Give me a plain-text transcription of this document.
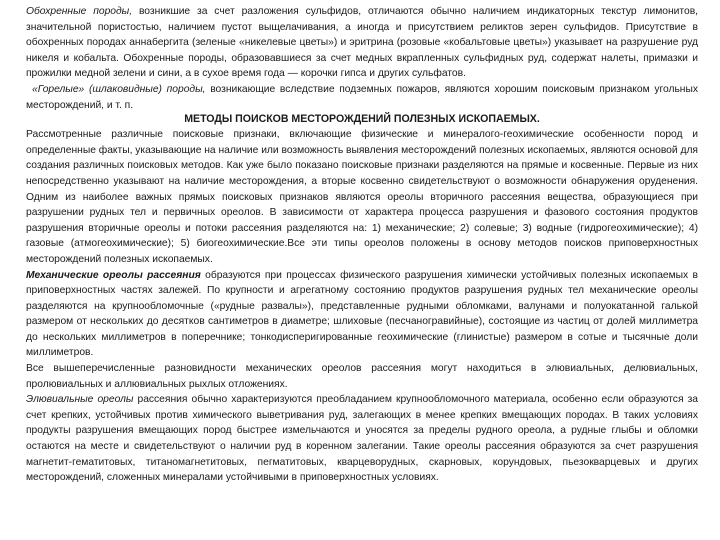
Обохренные породы, возникшие за счет разложения сульфидов, отличаются обычно наличием индикаторных текстур лимонитов, значительной пористостью, наличием пустот выщелачивания, а иногда и присутствием реликтов зерен сульфидов. Присутствие в обохренных породах аннабергита (зеленые «никелевые цветы») и эритрина (розовые «кобальтовые цветы») указывает на разрушение руд никеля и кобальта. Обохренные породы, образовавшиеся за счет медных вкрапленных сульфидных руд, содержат налеты, примазки и прожилки медной зелени и сини, а в сухое время года — корочки гипса и других сульфатов.

«Горелые» (шлаковидные) породы, возникающие вследствие подземных пожаров, являются хорошим поисковым признаком угольных месторождений, и т. п.

МЕТОДЫ ПОИСКОВ МЕСТОРОЖДЕНИЙ ПОЛЕЗНЫХ ИСКОПАЕМЫХ.

Рассмотренные различные поисковые признаки, включающие физические и минералого-геохимические особенности пород и определенные факты, указывающие на наличие или возможность выявления месторождений полезных ископаемых, являются основой для создания различных поисковых методов. Как уже было показано поисковые признаки разделяются на прямые и косвенные. Первые из них непосредственно указывают на наличие месторождения, а вторые косвенно свидетельствуют о возможности обнаружения оруденения. Одним из наиболее важных прямых поисковых признаков являются ореолы вторичного рассеяния вещества, образующиеся при разрушении рудных тел и первичных ореолов. В зависимости от характера процесса разрушения и фазового состояния продуктов разрушения вторичные ореолы и потоки рассеяния разделяются на: 1) механические; 2) солевые; 3) водные (гидрогеохимические); 4) газовые (атмогеохимические); 5) биогеохимические.Все эти типы ореолов положены в основу методов поисков приповерхностных месторождений полезных ископаемых.

Механические ореолы рассеяния образуются при процессах физического разрушения химически устойчивых полезных ископаемых в приповерхностных частях залежей. По крупности и агрегатному состоянию продуктов разрушения рудных тел механические ореолы разделяются на крупнообломочные («рудные развалы»), представленные рудными обломками, валунами и полуокатанной галькой размером от нескольких до десятков сантиметров в диаметре; шлиховые (песчаногравийные), состоящие из частиц от долей миллиметра до нескольких миллиметров в поперечнике; тонкодисперигированные геохимические (глинистые) размером в сотые и тысячные доли миллиметров.

Все вышеперечисленные разновидности механических ореолов рассеяния могут находиться в элювиальных, делювиальных, пролювиальных и аллювиальных рыхлых отложениях.

Элювиальные ореолы рассеяния обычно характеризуются преобладанием крупнообломочного материала, особенно если образуются за счет крепких, устойчивых против химического выветривания руд, залегающих в менее крепких вмещающих породах. В таких условиях продукты разрушения вмещающих пород быстрее измельчаются и уносятся за пределы рудного ореола, а рудные глыбы и обломки остаются на месте и свидетельствуют о наличии руд в коренном залегании. Такие ореолы рассеяния образуются за счет разрушения магнетит-гематитовых, титаномагнетитовых, пегматитовых, кварцеворудных, скарновых, корундовых, пьезокварцевых и других месторождений, сложенных минералами устойчивыми в приповерхностных условиях.
